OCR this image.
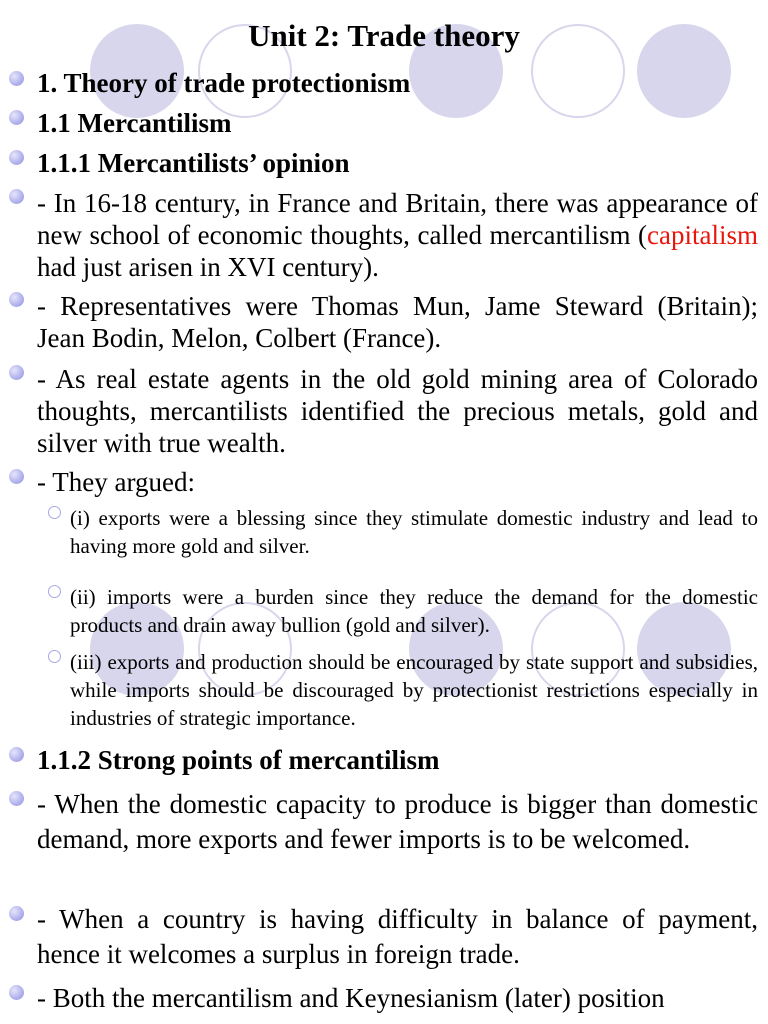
Unit 2: Trade theory
1. Theory of trade protectionism
1.1 Mercantilism
1.1.1 Mercantilists’ opinion
- In 16-18 century, in France and Britain, there was appearance of new school of economic thoughts, called mercantilism (capitalism had just arisen in XVI century).
- Representatives were Thomas Mun, Jame Steward (Britain); Jean Bodin, Melon, Colbert (France).
- As real estate agents in the old gold mining area of Colorado thoughts, mercantilists identified the precious metals, gold and silver with true wealth.
- They argued:
(i) exports were a blessing since they stimulate domestic industry and lead to having more gold and silver.
(ii) imports were a burden since they reduce the demand for the domestic products and drain away bullion (gold and silver).
(iii) exports and production should be encouraged by state support and subsidies, while imports should be discouraged by protectionist restrictions especially in industries of strategic importance.
1.1.2 Strong points of mercantilism
- When the domestic capacity to produce is bigger than domestic demand, more exports and fewer imports is to be welcomed.
- When a country is having difficulty in balance of payment, hence it welcomes a surplus in foreign trade.
- Both the mercantilism and Keynesianism (later) position
